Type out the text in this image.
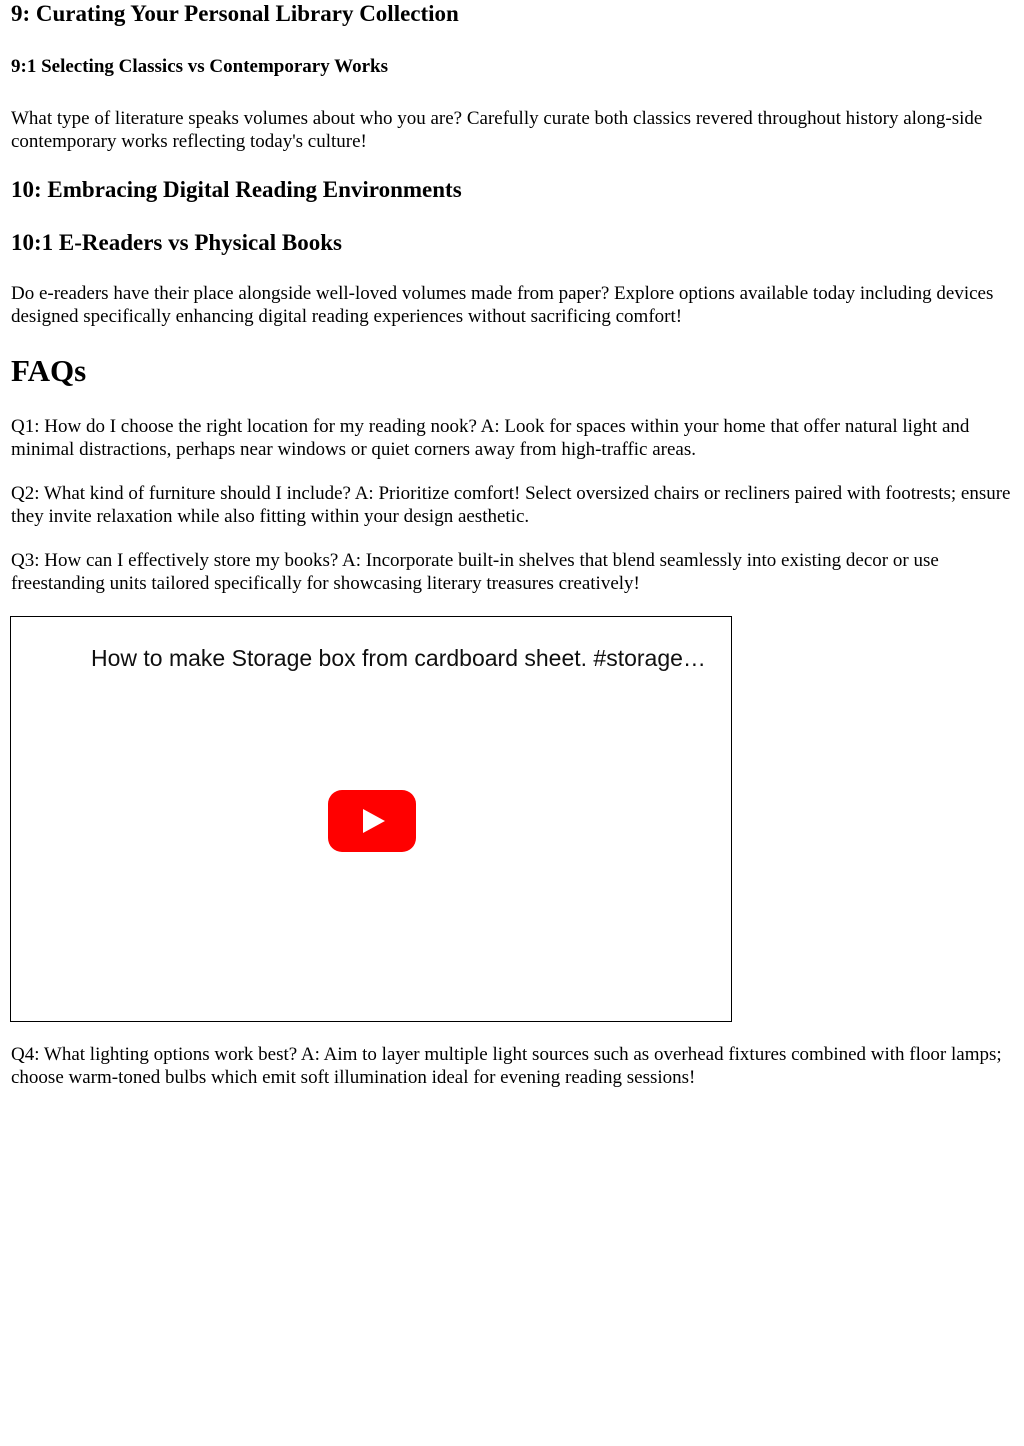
9: Curating Your Personal Library Collection
9:1 Selecting Classics vs Contemporary Works

What type of literature speaks volumes about who you are? Carefully curate both classics revered throughout history along-side contemporary works reflecting today's culture!

10: Embracing Digital Reading Environments
10:1 E-Readers vs Physical Books

Do e-readers have their place alongside well-loved volumes made from paper? Explore options available today including devices designed specifically enhancing digital reading experiences without sacrificing comfort!

FAQs

Q1: How do I choose the right location for my reading nook? A: Look for spaces within your home that offer natural light and minimal distractions, perhaps near windows or quiet corners away from high-traffic areas.

Q2: What kind of furniture should I include? A: Prioritize comfort! Select oversized chairs or recliners paired with footrests; ensure they invite relaxation while also fitting within your design aesthetic.

Q3: How can I effectively store my books? A: Incorporate built-in shelves that blend seamlessly into existing decor or use freestanding units tailored specifically for showcasing literary treasures creatively!

How to make Storage box from cardboard sheet. #storage…

Q4: What lighting options work best? A: Aim to layer multiple light sources such as overhead fixtures combined with floor lamps; choose warm-toned bulbs which emit soft illumination ideal for evening reading sessions!
